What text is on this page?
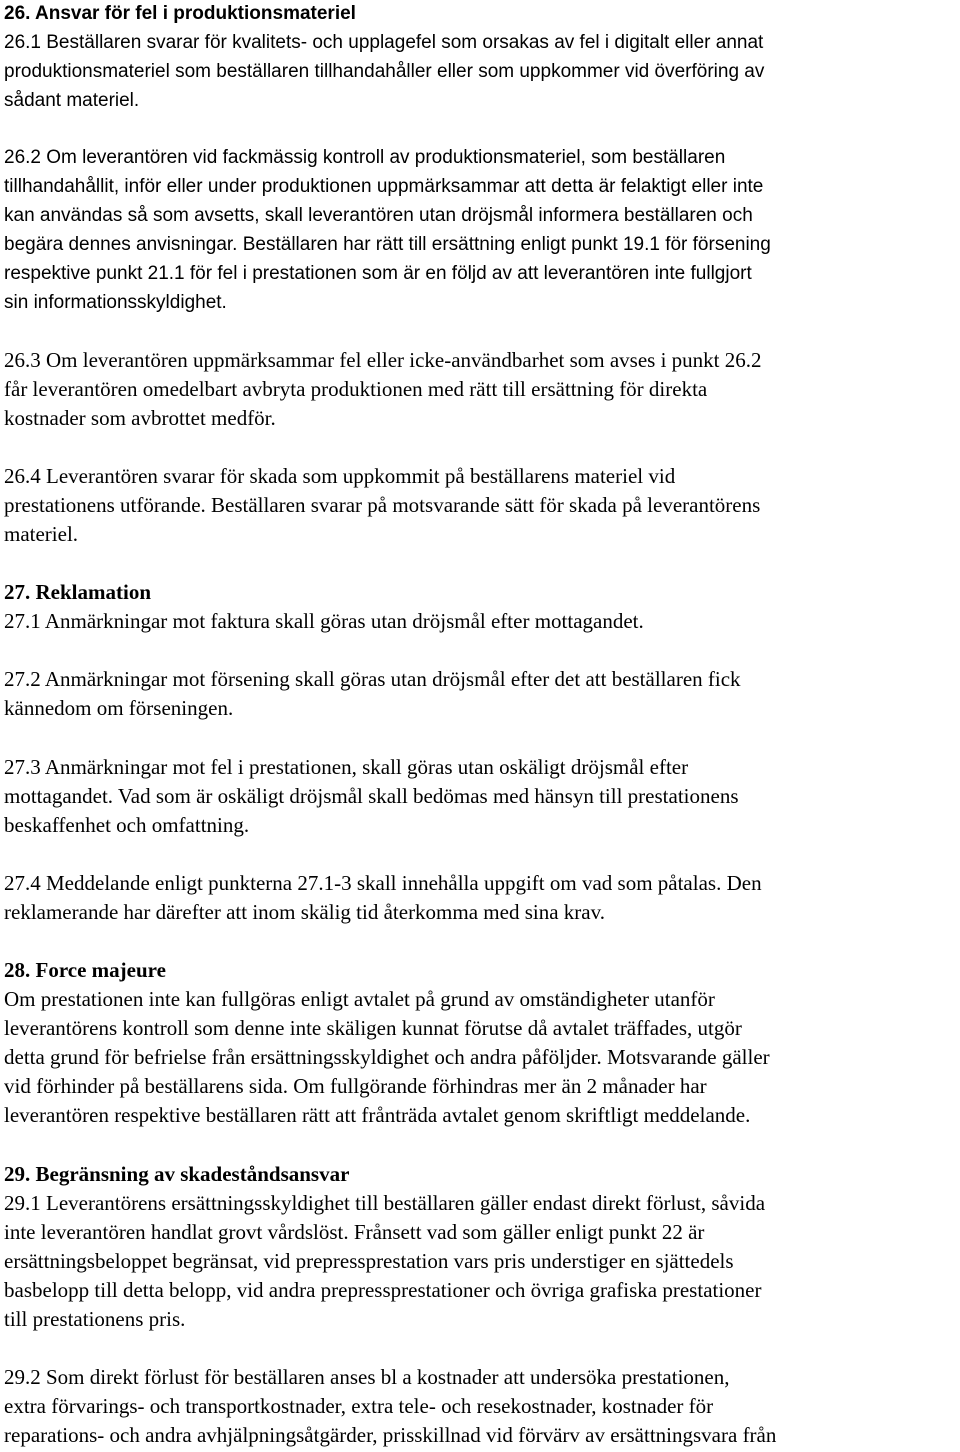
26. Ansvar för fel i produktionsmateriel
26.1 Beställaren svarar för kvalitets- och upplagefel som orsakas av fel i digitalt eller annat
produktionsmateriel som beställaren tillhandahåller eller som uppkommer vid överföring av
sådant materiel.
26.2 Om leverantören vid fackmässig kontroll av produktionsmateriel, som beställaren
tillhandahållit, inför eller under produktionen uppmärksammar att detta är felaktigt eller inte
kan användas så som avsetts, skall leverantören utan dröjsmål informera beställaren och
begära dennes anvisningar. Beställaren har rätt till ersättning enligt punkt 19.1 för försening
respektive punkt 21.1 för fel i prestationen som är en följd av att leverantören inte fullgjort
sin informationsskyldighet.
26.3 Om leverantören uppmärksammar fel eller icke-användbarhet som avses i punkt 26.2
får leverantören omedelbart avbryta produktionen med rätt till ersättning för direkta
kostnader som avbrottet medför.
26.4 Leverantören svarar för skada som uppkommit på beställarens materiel vid
prestationens utförande. Beställaren svarar på motsvarande sätt för skada på leverantörens
materiel.
27. Reklamation
27.1 Anmärkningar mot faktura skall göras utan dröjsmål efter mottagandet.
27.2 Anmärkningar mot försening skall göras utan dröjsmål efter det att beställaren fick
kännedom om förseningen.
27.3 Anmärkningar mot fel i prestationen, skall göras utan oskäligt dröjsmål efter
mottagandet. Vad som är oskäligt dröjsmål skall bedömas med hänsyn till prestationens
beskaffenhet och omfattning.
27.4 Meddelande enligt punkterna 27.1-3 skall innehålla uppgift om vad som påtalas. Den
reklamerande har därefter att inom skälig tid återkomma med sina krav.
28. Force majeure
Om prestationen inte kan fullgöras enligt avtalet på grund av omständigheter utanför
leverantörens kontroll som denne inte skäligen kunnat förutse då avtalet träffades, utgör
detta grund för befrielse från ersättningsskyldighet och andra påföljder. Motsvarande gäller
vid förhinder på beställarens sida. Om fullgörande förhindras mer än 2 månader har
leverantören respektive beställaren rätt att frånträda avtalet genom skriftligt meddelande.
29. Begränsning av skadeståndsansvar
29.1 Leverantörens ersättningsskyldighet till beställaren gäller endast direkt förlust, såvida
inte leverantören handlat grovt vårdslöst. Frånsett vad som gäller enligt punkt 22 är
ersättningsbeloppet begränsat, vid prepressprestation vars pris understiger en sjättedels
basbelopp till detta belopp, vid andra prepressprestationer och övriga grafiska prestationer
till prestationens pris.
29.2 Som direkt förlust för beställaren anses bl a kostnader att undersöka prestationen,
extra förvarings- och transportkostnader, extra tele- och resekostnader, kostnader för
reparations- och andra avhjälpningsåtgärder, prisskillnad vid förvärv av ersättningsvara från
